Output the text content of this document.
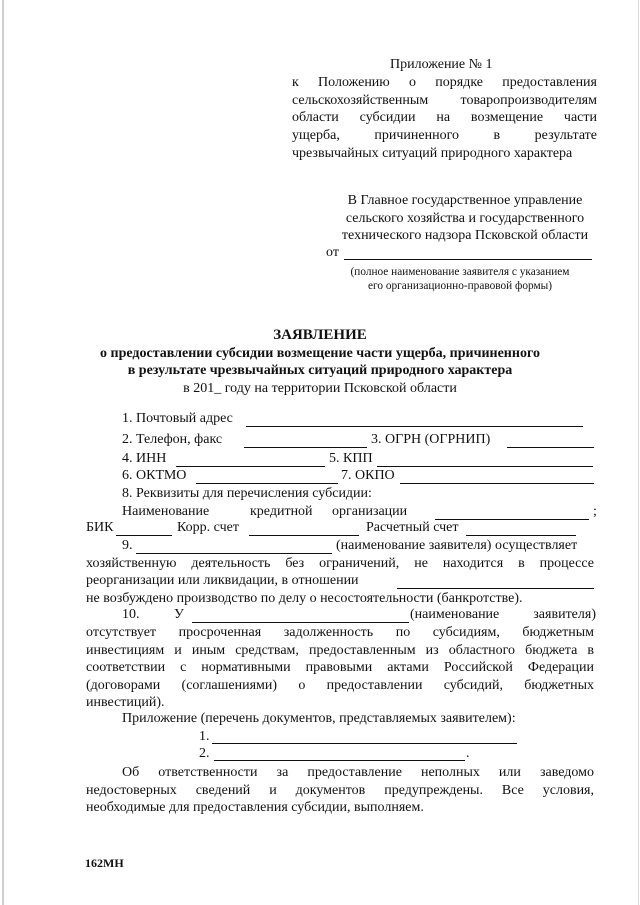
Приложение № 1
к Положению о порядке предоставления
сельскохозяйственным товаропроизводителям
области субсидии на возмещение части
ущерба, причиненного в результате
чрезвычайных ситуаций природного характера
В Главное государственное управление
сельского хозяйства и государственного
технического надзора Псковской области
от
(полное наименование заявителя с указанием
его организационно-правовой формы)
ЗАЯВЛЕНИЕ
о предоставлении субсидии возмещение части ущерба, причиненного
в результате чрезвычайных ситуаций природного характера
в 201_ году на территории Псковской области
1. Почтовый адрес
2. Телефон, факс	3. ОГРН (ОГРНИП)
4. ИНН	5. КПП
6. ОКТМО	7. ОКПО
8. Реквизиты для перечисления субсидии:
Наименование	кредитной организации	;
БИК	Корр. счет	Расчетный счет
9.	(наименование заявителя) осуществляет
хозяйственную деятельность без ограничений, не находится в процессе
реорганизации или ликвидации, в отношении
не возбуждено производство по делу о несостоятельности (банкротстве).
10. У	(наименование заявителя)
отсутствует просроченная задолженность по субсидиям, бюджетным
инвестициям и иным средствам, предоставленным из областного бюджета в
соответствии с нормативными правовыми актами Российской Федерации
(договорами (соглашениями) о предоставлении субсидий, бюджетных
инвестиций).
Приложение (перечень документов, представляемых заявителем):
1.
2.	.
Об ответственности за предоставление неполных или заведомо
недостоверных сведений и документов предупреждены. Все условия,
необходимые для предоставления субсидии, выполняем.
162МН
